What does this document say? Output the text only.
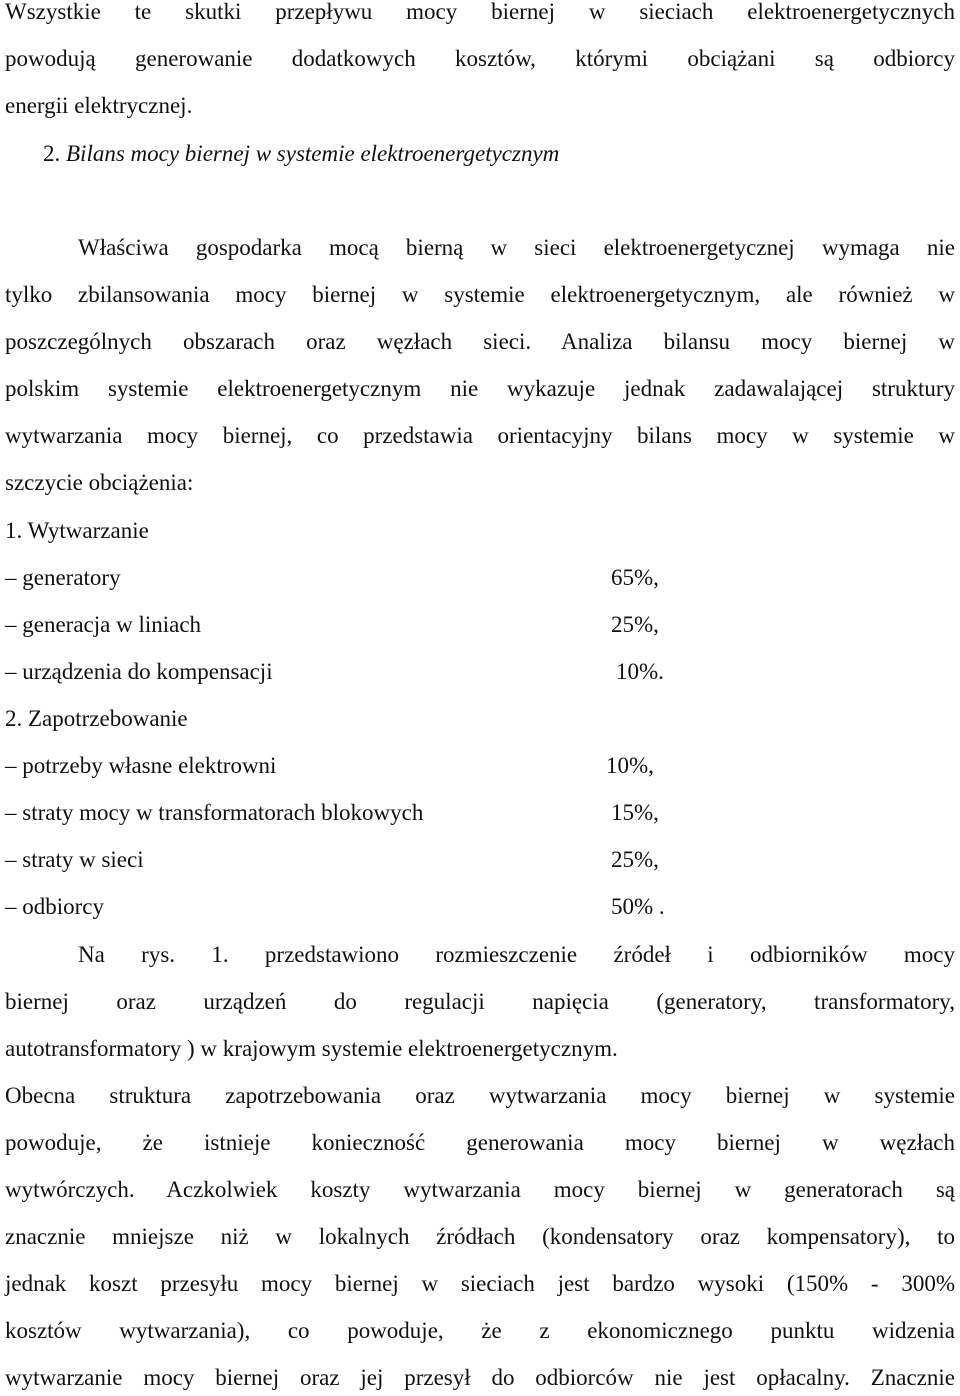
Wszystkie te skutki przepływu mocy biernej w sieciach elektroenergetycznych
powodują generowanie dodatkowych kosztów, którymi obciążani są odbiorcy
energii elektrycznej.
2. Bilans mocy biernej w systemie elektroenergetycznym
Właściwa gospodarka mocą bierną w sieci elektroenergetycznej wymaga nie
tylko zbilansowania mocy biernej w systemie elektroenergetycznym, ale również w
poszczególnych obszarach oraz węzłach sieci. Analiza bilansu mocy biernej w
polskim systemie elektroenergetycznym nie wykazuje jednak zadawalającej struktury
wytwarzania mocy biernej, co przedstawia orientacyjny bilans mocy w systemie w
szczycie obciążenia:
1. Wytwarzanie
– generatory	65%,
– generacja w liniach	25%,
– urządzenia do kompensacji	10%.
2. Zapotrzebowanie
– potrzeby własne elektrowni	10%,
– straty mocy w transformatorach blokowych	15%,
– straty w sieci	25%,
– odbiorcy	50% .
Na rys. 1. przedstawiono rozmieszczenie źródeł i odbiorników mocy
biernej oraz urządzeń do regulacji napięcia (generatory, transformatory,
autotransformatory ) w krajowym systemie elektroenergetycznym.
Obecna struktura zapotrzebowania oraz wytwarzania mocy biernej w systemie
powoduje, że istnieje konieczność generowania mocy biernej w węzłach
wytwórczych. Aczkolwiek koszty wytwarzania mocy biernej w generatorach są
znacznie mniejsze niż w lokalnych źródłach (kondensatory oraz kompensatory), to
jednak koszt przesyłu mocy biernej w sieciach jest bardzo wysoki (150% - 300%
kosztów wytwarzania), co powoduje, że z ekonomicznego punktu widzenia
wytwarzanie mocy biernej oraz jej przesył do odbiorców nie jest opłacalny. Znacznie
